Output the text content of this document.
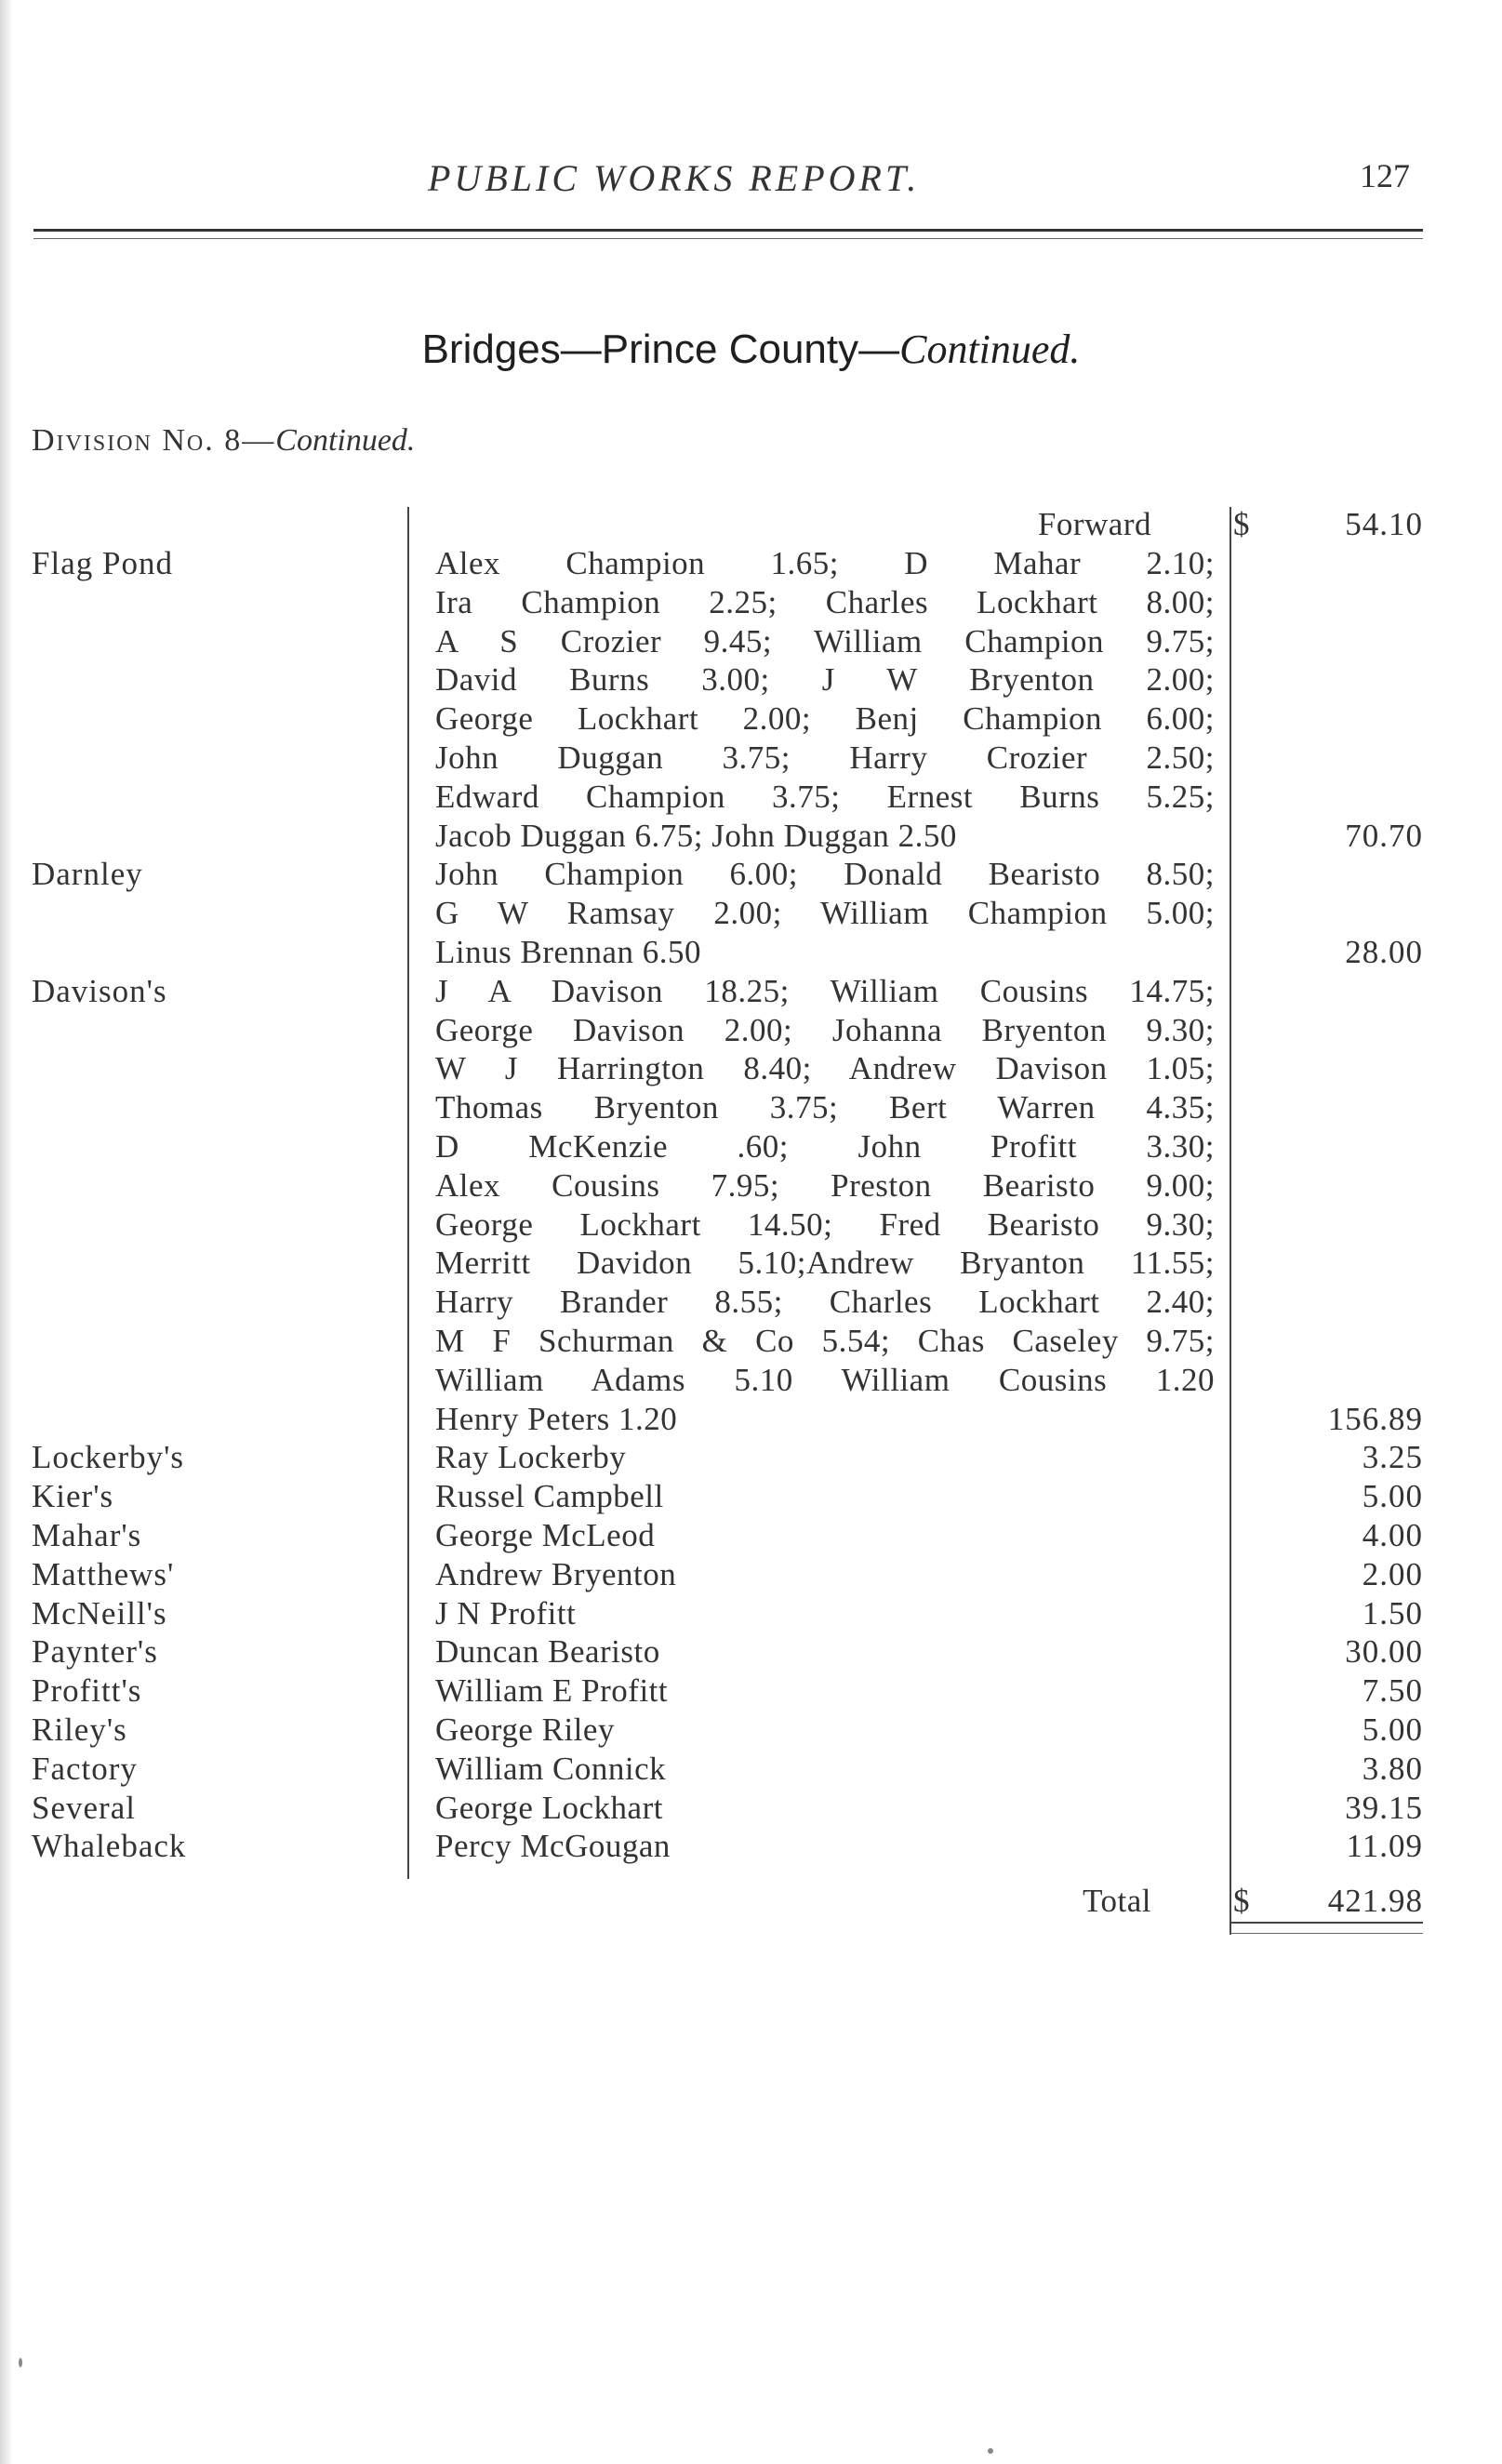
PUBLIC WORKS REPORT.	127
Bridges—Prince County—Continued.
Division No. 8—Continued.
Forward	$	54.10
Flag Pond	Alex Champion 1.65; D Mahar 2.10;
Ira Champion 2.25; Charles Lockhart 8.00;
A S Crozier 9.45; William Champion 9.75;
David Burns 3.00; J W Bryenton 2.00;
George Lockhart 2.00; Benj Champion 6.00;
John Duggan 3.75; Harry Crozier 2.50;
Edward Champion 3.75; Ernest Burns 5.25;
Jacob Duggan 6.75; John Duggan 2.50	70.70
Darnley	John Champion 6.00; Donald Bearisto 8.50;
G W Ramsay 2.00; William Champion 5.00;
Linus Brennan 6.50	28.00
Davison's	J A Davison 18.25; William Cousins 14.75;
George Davison 2.00; Johanna Bryenton 9.30;
W J Harrington 8.40; Andrew Davison 1.05;
Thomas Bryenton 3.75; Bert Warren 4.35;
D McKenzie .60; John Profitt 3.30;
Alex Cousins 7.95; Preston Bearisto 9.00;
George Lockhart 14.50; Fred Bearisto 9.30;
Merritt Davidon 5.10;Andrew Bryanton 11.55;
Harry Brander 8.55; Charles Lockhart 2.40;
M F Schurman & Co 5.54; Chas Caseley 9.75;
William Adams 5.10 William Cousins 1.20
Henry Peters 1.20	156.89
Lockerby's	Ray Lockerby	3.25
Kier's	Russel Campbell	5.00
Mahar's	George McLeod	4.00
Matthews'	Andrew Bryenton	2.00
McNeill's	J N Profitt	1.50
Paynter's	Duncan Bearisto	30.00
Profitt's	William E Profitt	7.50
Riley's	George Riley	5.00
Factory	William Connick	3.80
Several	George Lockhart	39.15
Whaleback	Percy McGougan	11.09
Total	$ 421.98
